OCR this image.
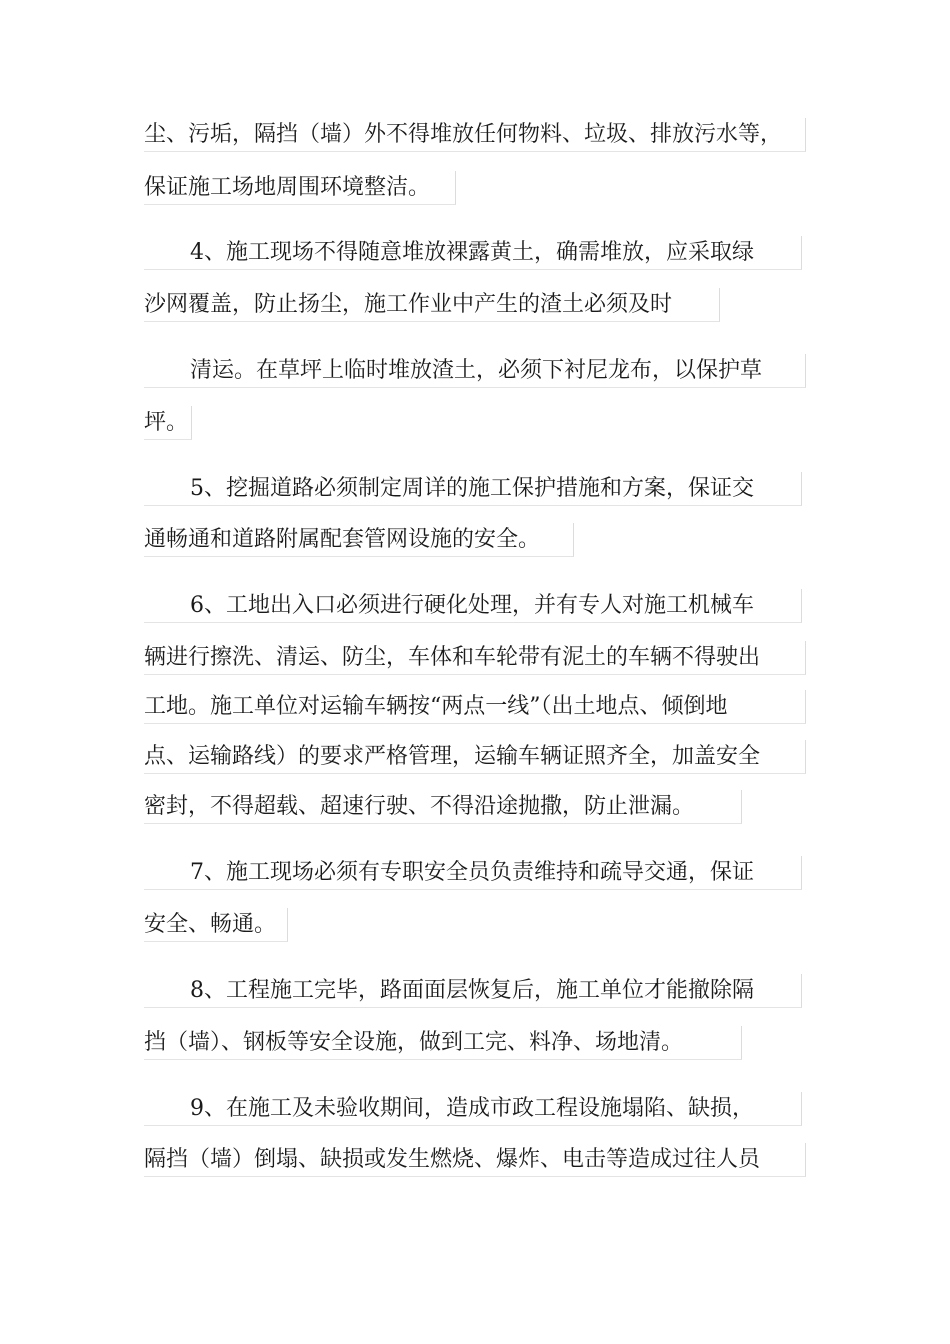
尘、污垢，隔挡（墙）外不得堆放任何物料、垃圾、排放污水等，
保证施工场地周围环境整洁。
4、施工现场不得随意堆放裸露黄土，确需堆放，应采取绿
沙网覆盖，防止扬尘，施工作业中产生的渣土必须及时
清运。在草坪上临时堆放渣土，必须下衬尼龙布，以保护草
坪。
5、挖掘道路必须制定周详的施工保护措施和方案，保证交
通畅通和道路附属配套管网设施的安全。
6、工地出入口必须进行硬化处理，并有专人对施工机械车
辆进行擦洗、清运、防尘，车体和车轮带有泥土的车辆不得驶出
工地。施工单位对运输车辆按“两点一线”（出土地点、倾倒地
点、运输路线）的要求严格管理，运输车辆证照齐全，加盖安全
密封，不得超载、超速行驶、不得沿途抛撒，防止泄漏。
7、施工现场必须有专职安全员负责维持和疏导交通，保证
安全、畅通。
8、工程施工完毕，路面面层恢复后，施工单位才能撤除隔
挡（墙）、钢板等安全设施，做到工完、料净、场地清。
9、在施工及未验收期间，造成市政工程设施塌陷、缺损，
隔挡（墙）倒塌、缺损或发生燃烧、爆炸、电击等造成过往人员
